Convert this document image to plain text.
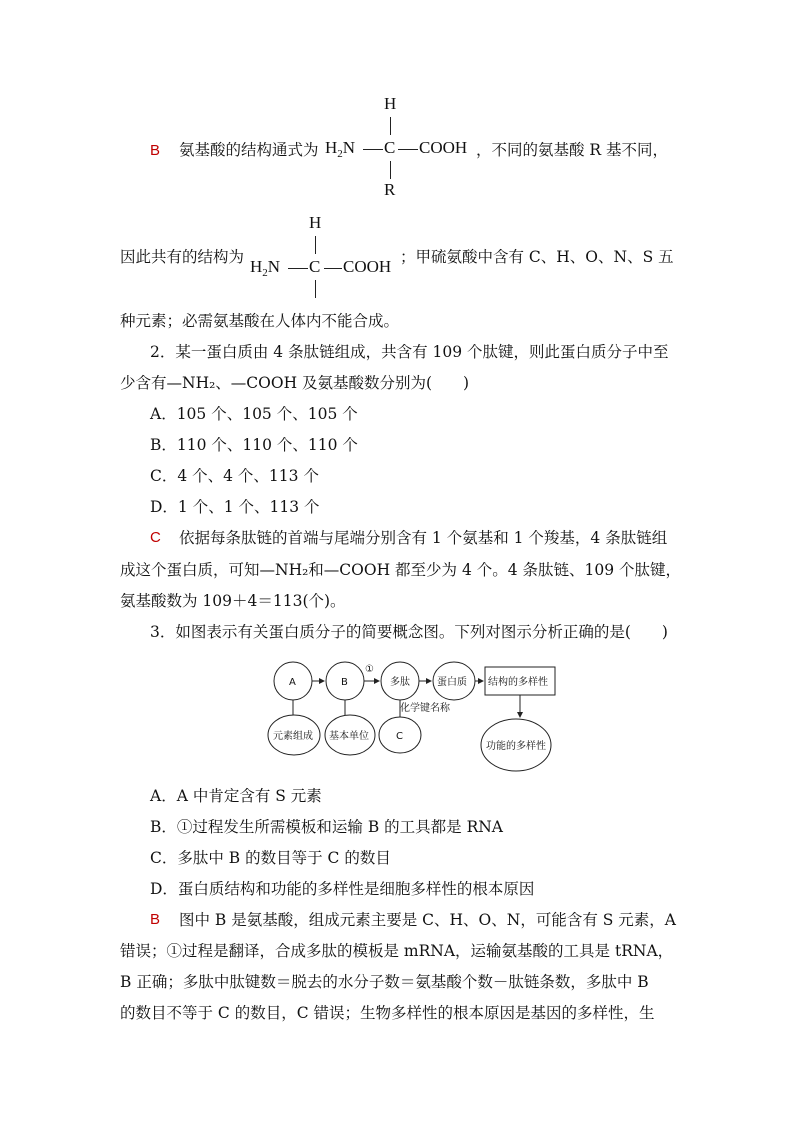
H
$H_2N$ C COOH
R
B 氨基酸的结构通式为	，不同的氨基酸 R 基不同，
H
$H_2N$ C COOH
因此共有的结构为	；甲硫氨酸中含有 C、H、O、N、S 五
种元素；必需氨基酸在人体内不能合成。
2．某一蛋白质由 4 条肽链组成，共含有 109 个肽键，则此蛋白质分子中至
少含有—NH₂、—COOH 及氨基酸数分别为(　　)
A．105 个、105 个、105 个
B．110 个、110 个、110 个
C．4 个、4 个、113 个
D．1 个、1 个、113 个
C 依据每条肽链的首端与尾端分别含有 1 个氨基和 1 个羧基，4 条肽链组
成这个蛋白质，可知—NH₂和—COOH 都至少为 4 个。4 条肽链、109 个肽键，
氨基酸数为 109＋4＝113(个)。
3．如图表示有关蛋白质分子的简要概念图。下列对图示分析正确的是(　　)
A	B
①
多肽	蛋白质 结构的多样性
化学键名称
元素组成 基本单位	C
功能的多样性
A．A 中肯定含有 S 元素
B．①过程发生所需模板和运输 B 的工具都是 RNA
C．多肽中 B 的数目等于 C 的数目
D．蛋白质结构和功能的多样性是细胞多样性的根本原因
B 图中 B 是氨基酸，组成元素主要是 C、H、O、N，可能含有 S 元素，A
错误；①过程是翻译，合成多肽的模板是 mRNA，运输氨基酸的工具是 tRNA，
B 正确；多肽中肽键数＝脱去的水分子数＝氨基酸个数－肽链条数，多肽中 B
的数目不等于 C 的数目，C 错误；生物多样性的根本原因是基因的多样性，生
